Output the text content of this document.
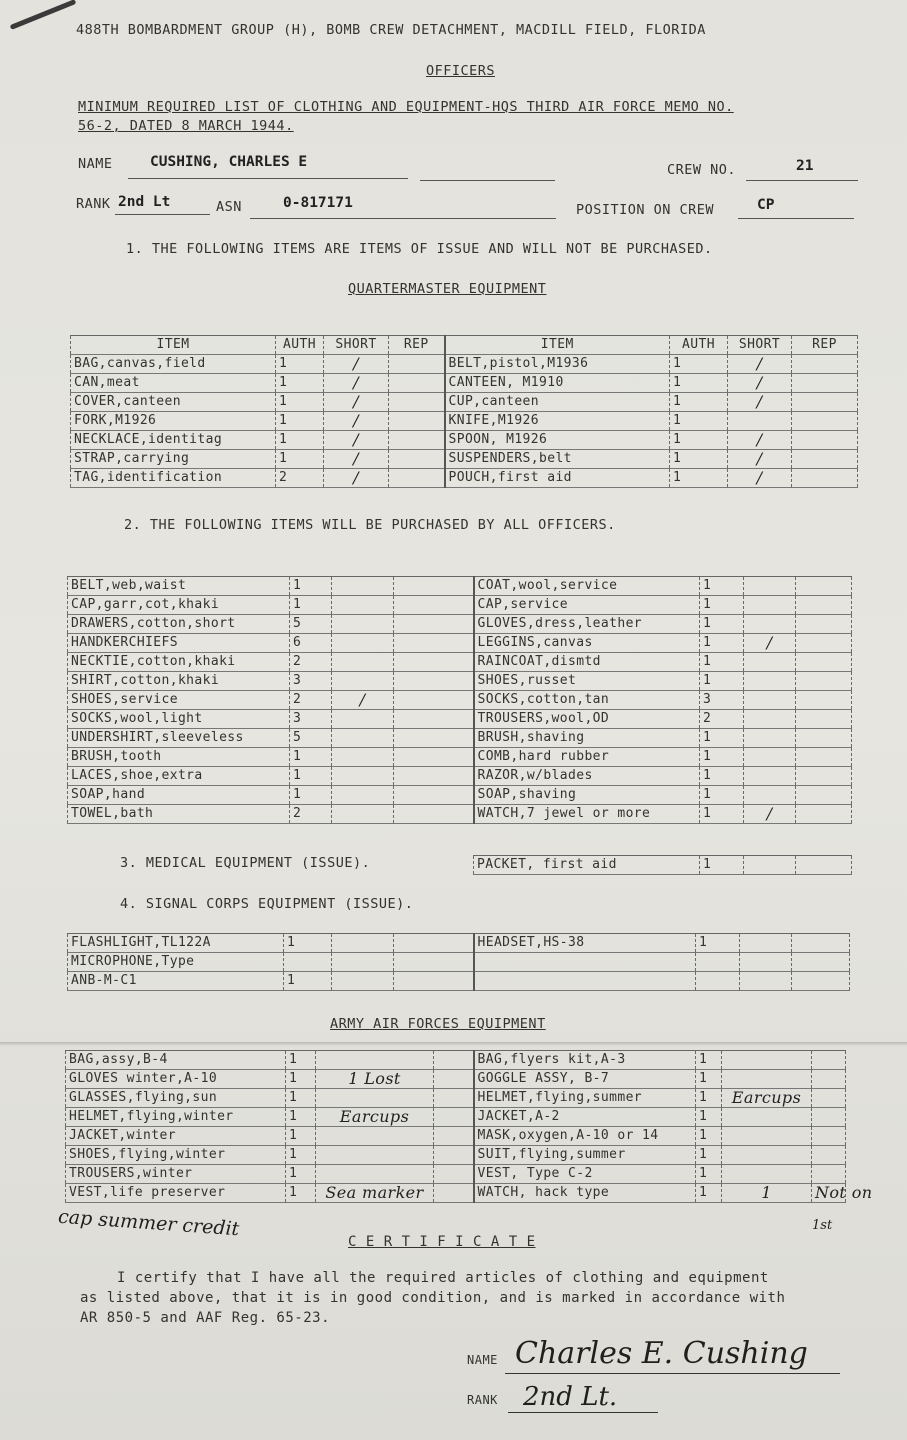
488TH BOMBARDMENT GROUP (H), BOMB CREW DETACHMENT, MACDILL FIELD, FLORIDA
OFFICERS
MINIMUM REQUIRED LIST OF CLOTHING AND EQUIPMENT-HQS THIRD AIR FORCE MEMO NO.
56-2, DATED 8 MARCH 1944.
NAME	CUSHING, CHARLES E	CREW NO.	21
RANK 2nd Lt	ASN	0-817171	POSITION ON CREW	CP
1. THE FOLLOWING ITEMS ARE ITEMS OF ISSUE AND WILL NOT BE PURCHASED.
QUARTERMASTER EQUIPMENT
ITEM	AUTH	SHORT	REP	ITEM	AUTH	SHORT	REP
BAG,canvas,field	1	/		BELT,pistol,M1936	1	/	
CAN,meat	1	/		CANTEEN, M1910	1	/	
COVER,canteen	1	/		CUP,canteen	1	/	
FORK,M1926	1	/		KNIFE,M1926	1		
NECKLACE,identitag	1	/		SPOON, M1926	1	/	
STRAP,carrying	1	/		SUSPENDERS,belt	1	/	
TAG,identification	2	/		POUCH,first aid	1	/	
2. THE FOLLOWING ITEMS WILL BE PURCHASED BY ALL OFFICERS.
BELT,web,waist	1			COAT,wool,service	1		
CAP,garr,cot,khaki	1			CAP,service	1		
DRAWERS,cotton,short	5			GLOVES,dress,leather	1		
HANDKERCHIEFS	6			LEGGINS,canvas	1	/	
NECKTIE,cotton,khaki	2			RAINCOAT,dismtd	1		
SHIRT,cotton,khaki	3			SHOES,russet	1		
SHOES,service	2	/		SOCKS,cotton,tan	3		
SOCKS,wool,light	3			TROUSERS,wool,OD	2		
UNDERSHIRT,sleeveless	5			BRUSH,shaving	1		
BRUSH,tooth	1			COMB,hard rubber	1		
LACES,shoe,extra	1			RAZOR,w/blades	1		
SOAP,hand	1			SOAP,shaving	1		
TOWEL,bath	2			WATCH,7 jewel or more	1	/	
3. MEDICAL EQUIPMENT (ISSUE).	PACKET, first aid	1		
4. SIGNAL CORPS EQUIPMENT (ISSUE).
FLASHLIGHT,TL122A	1			HEADSET,HS-38	1		
MICROPHONE,Type							
ANB-M-C1	1						
ARMY AIR FORCES EQUIPMENT
BAG,assy,B-4	1			BAG,flyers kit,A-3	1		
GLOVES winter,A-10	1	1 Lost		GOGGLE ASSY, B-7	1		
GLASSES,flying,sun	1			HELMET,flying,summer	1	Earcups	
HELMET,flying,winter	1	Earcups		JACKET,A-2	1		
JACKET,winter	1			MASK,oxygen,A-10 or 14	1		
SHOES,flying,winter	1			SUIT,flying,summer	1		
TROUSERS,winter	1			VEST, Type C-2	1		
VEST,life preserver	1	Sea marker		WATCH, hack type	1	1	Not on
cap summer credit	1st
C E R T I F I C A T E
I certify that I have all the required articles of clothing and equipment
as listed above, that it is in good condition, and is marked in accordance with
AR 850-5 and AAF Reg. 65-23.
NAME Charles E. Cushing
RANK 2nd Lt.
